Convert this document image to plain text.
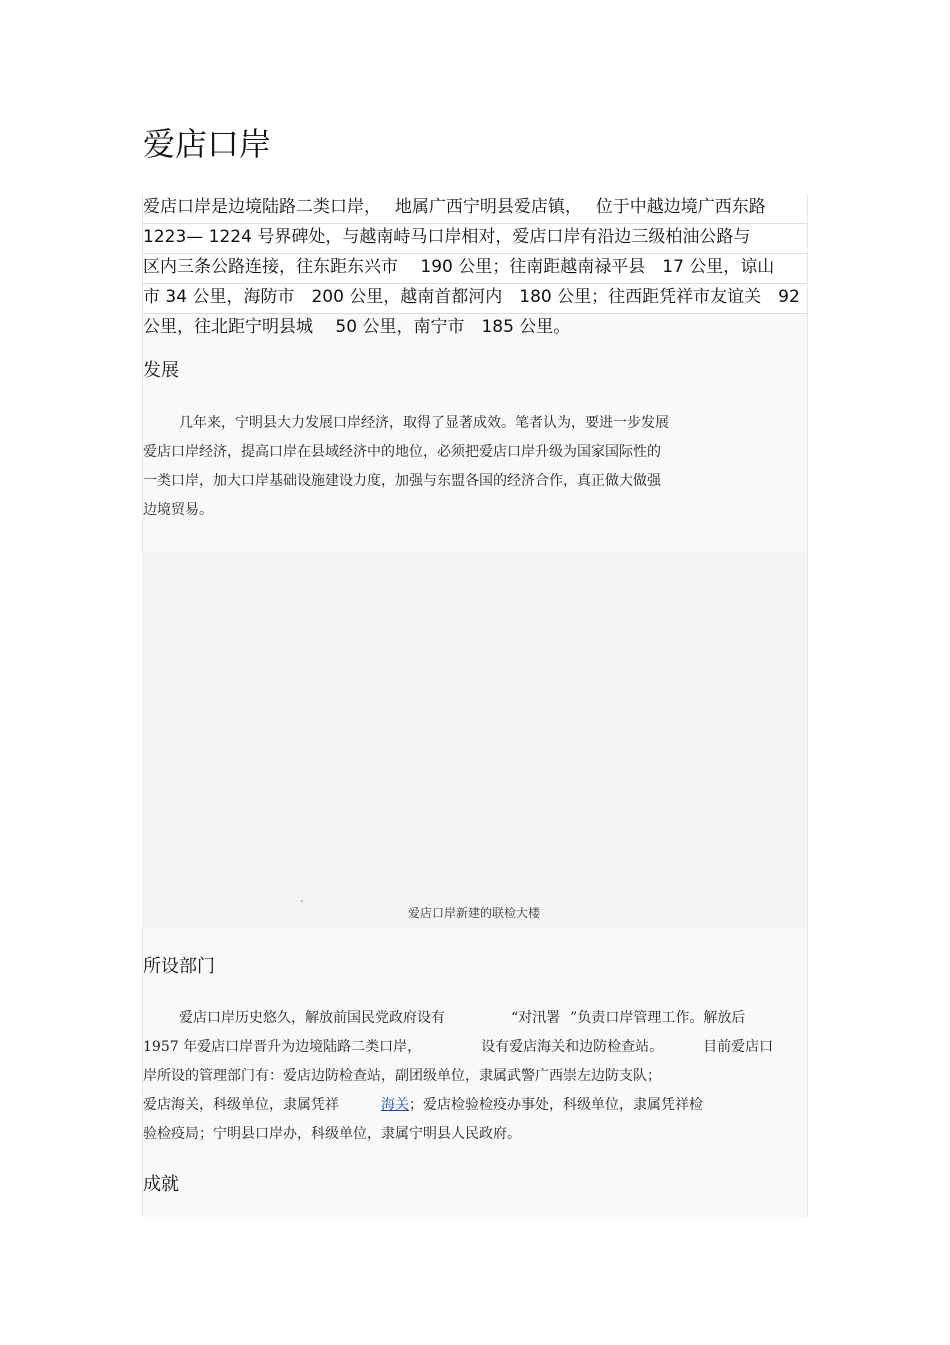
爱店口岸
爱店口岸是边境陆路二类口岸，　 地属广西宁明县爱店镇，　 位于中越边境广西东路
1223— 1224 号界碑处，与越南峙马口岸相对，爱店口岸有沿边三级柏油公路与
区内三条公路连接，往东距东兴市　 190 公里；往南距越南禄平县　17 公里，谅山
市 34 公里，海防市　200 公里，越南首都河内　180 公里；往西距凭祥市友谊关　92
公里，往北距宁明县城　 50 公里，南宁市　185 公里。
发展
几年来，宁明县大力发展口岸经济，取得了显著成效。笔者认为，要进一步发展
爱店口岸经济，提高口岸在县域经济中的地位，必须把爱店口岸升级为国家国际性的
一类口岸，加大口岸基础设施建设力度，加强与东盟各国的经济合作，真正做大做强
边境贸易。
-
爱店口岸新建的联检大楼
所设部门
爱店口岸历史悠久，解放前国民党政府设有	“对汛署 ”负责口岸管理工作。解放后
1957 年爱店口岸晋升为边境陆路二类口岸，	设有爱店海关和边防检查站。	目前爱店口
岸所设的管理部门有：爱店边防检查站，副团级单位，隶属武警广西崇左边防支队；
爱店海关，科级单位，隶属凭祥	海关；爱店检验检疫办事处，科级单位，隶属凭祥检
验检疫局；宁明县口岸办，科级单位，隶属宁明县人民政府。
成就
